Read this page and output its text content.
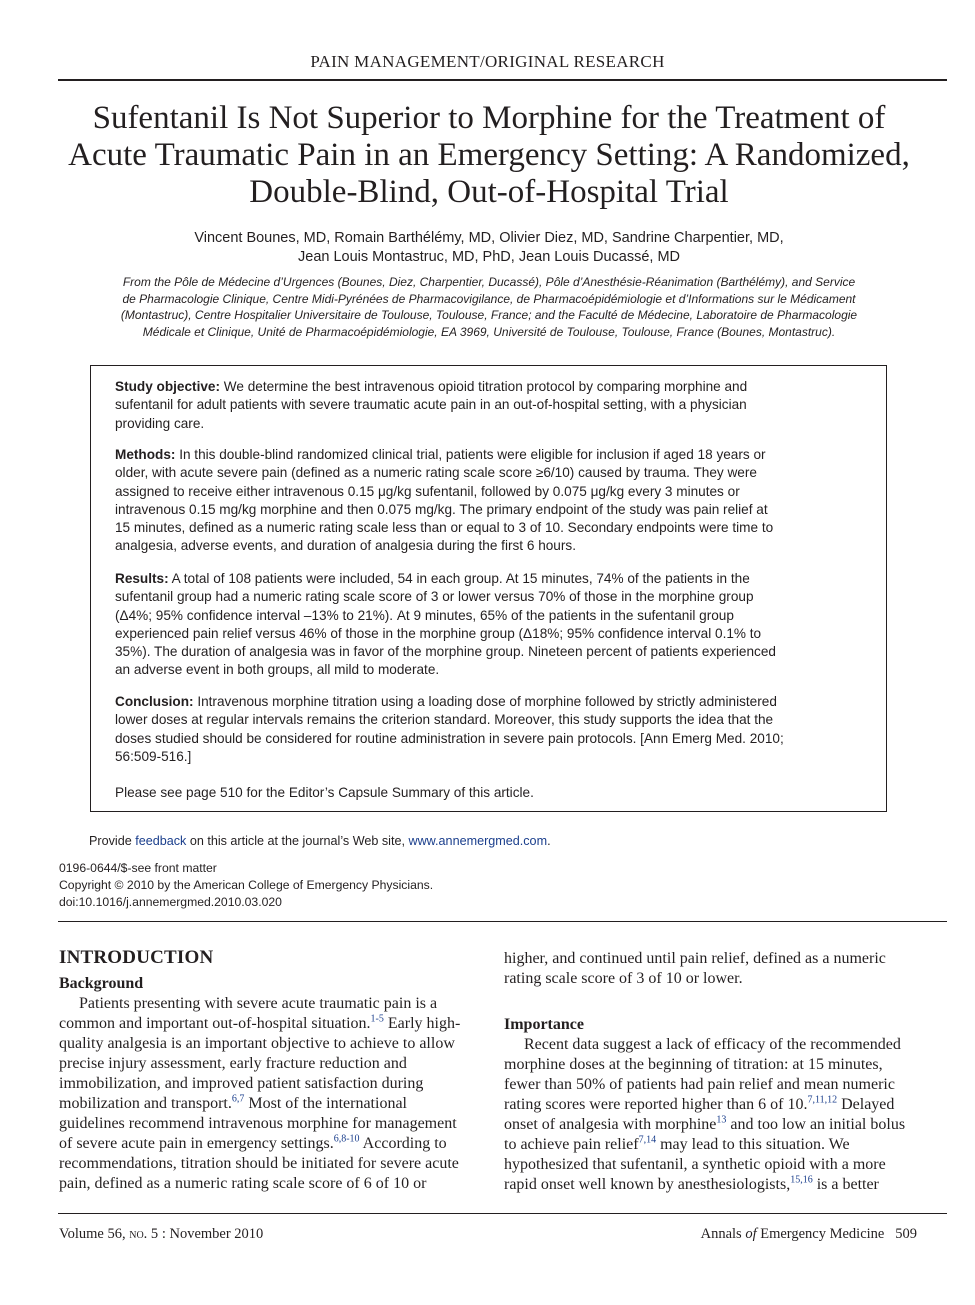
PAIN MANAGEMENT/ORIGINAL RESEARCH
Sufentanil Is Not Superior to Morphine for the Treatment of
Acute Traumatic Pain in an Emergency Setting: A Randomized,
Double-Blind, Out-of-Hospital Trial
Vincent Bounes, MD, Romain Barthélémy, MD, Olivier Diez, MD, Sandrine Charpentier, MD,
Jean Louis Montastruc, MD, PhD, Jean Louis Ducassé, MD
From the Pôle de Médecine d’Urgences (Bounes, Diez, Charpentier, Ducassé), Pôle d’Anesthésie-Réanimation (Barthélémy), and Service
de Pharmacologie Clinique, Centre Midi-Pyrénées de Pharmacovigilance, de Pharmacoépidémiologie et d’Informations sur le Médicament
(Montastruc), Centre Hospitalier Universitaire de Toulouse, Toulouse, France; and the Faculté de Médecine, Laboratoire de Pharmacologie
Médicale et Clinique, Unité de Pharmacoépidémiologie, EA 3969, Université de Toulouse, Toulouse, France (Bounes, Montastruc).
Study objective: We determine the best intravenous opioid titration protocol by comparing morphine and
sufentanil for adult patients with severe traumatic acute pain in an out-of-hospital setting, with a physician
providing care.
Methods: In this double-blind randomized clinical trial, patients were eligible for inclusion if aged 18 years or
older, with acute severe pain (defined as a numeric rating scale score ≥6/10) caused by trauma. They were
assigned to receive either intravenous 0.15 μg/kg sufentanil, followed by 0.075 μg/kg every 3 minutes or
intravenous 0.15 mg/kg morphine and then 0.075 mg/kg. The primary endpoint of the study was pain relief at
15 minutes, defined as a numeric rating scale less than or equal to 3 of 10. Secondary endpoints were time to
analgesia, adverse events, and duration of analgesia during the first 6 hours.
Results: A total of 108 patients were included, 54 in each group. At 15 minutes, 74% of the patients in the
sufentanil group had a numeric rating scale score of 3 or lower versus 70% of those in the morphine group
(Δ4%; 95% confidence interval –13% to 21%). At 9 minutes, 65% of the patients in the sufentanil group
experienced pain relief versus 46% of those in the morphine group (Δ18%; 95% confidence interval 0.1% to
35%). The duration of analgesia was in favor of the morphine group. Nineteen percent of patients experienced
an adverse event in both groups, all mild to moderate.
Conclusion: Intravenous morphine titration using a loading dose of morphine followed by strictly administered
lower doses at regular intervals remains the criterion standard. Moreover, this study supports the idea that the
doses studied should be considered for routine administration in severe pain protocols. [Ann Emerg Med. 2010;
56:509-516.]
Please see page 510 for the Editor’s Capsule Summary of this article.
Provide feedback on this article at the journal’s Web site, www.annemergmed.com.
0196-0644/$-see front matter
Copyright © 2010 by the American College of Emergency Physicians.
doi:10.1016/j.annemergmed.2010.03.020

INTRODUCTION

Background

Patients presenting with severe acute traumatic pain is a

common and important out-of-hospital situation.$^{1-5}$ Early high-

quality analgesia is an important objective to achieve to allow

precise injury assessment, early fracture reduction and

immobilization, and improved patient satisfaction during

mobilization and transport.$^{6,7}$ Most of the international

guidelines recommend intravenous morphine for management

of severe acute pain in emergency settings.$^{6,8-10}$ According to

recommendations, titration should be initiated for severe acute

pain, defined as a numeric rating scale score of 6 of 10 or

higher, and continued until pain relief, defined as a numeric

rating scale score of 3 of 10 or lower.

Importance

Recent data suggest a lack of efficacy of the recommended

morphine doses at the beginning of titration: at 15 minutes,

fewer than 50% of patients had pain relief and mean numeric

rating scores were reported higher than 6 of 10.$^{7,11,12}$ Delayed

onset of analgesia with morphine$^{13}$ and too low an initial bolus

to achieve pain relief$^{7,14}$ may lead to this situation. We

hypothesized that sufentanil, a synthetic opioid with a more

rapid onset well known by anesthesiologists,$^{15,16}$ is a better

Volume 56, no. 5 : November 2010	Annals of Emergency Medicine 509
